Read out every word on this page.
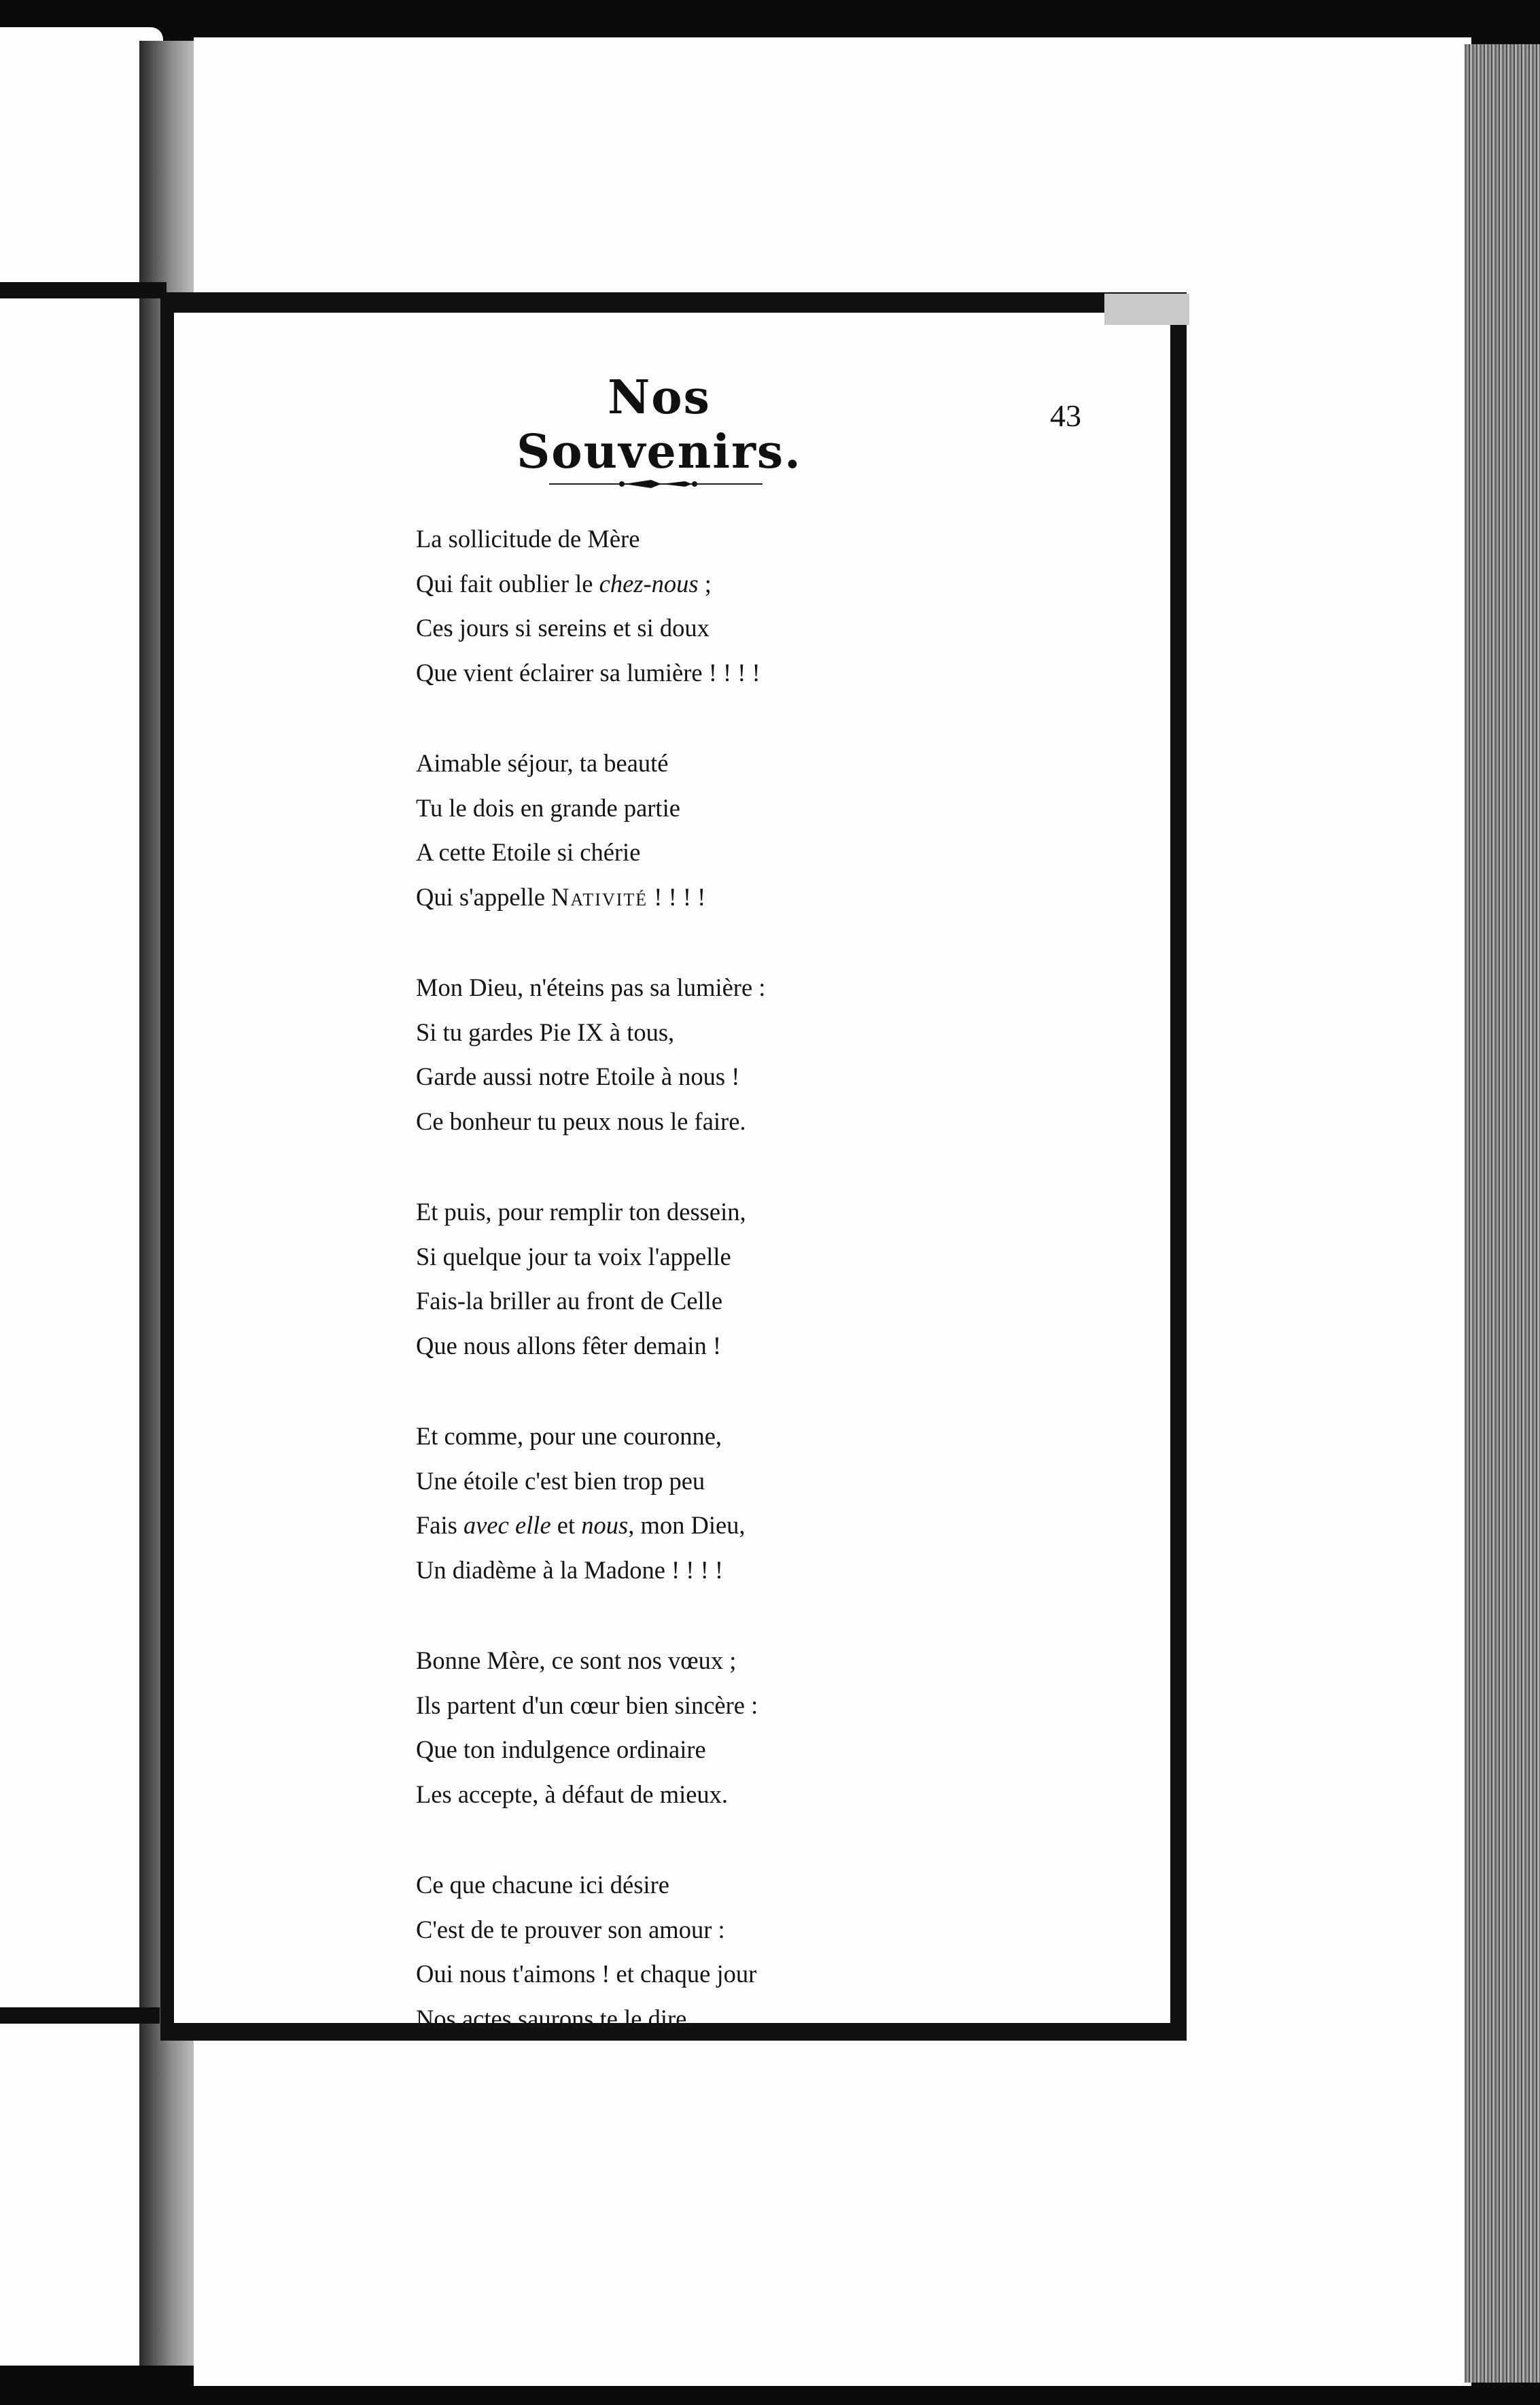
Nos Souvenirs.
43
La sollicitude de Mère
Qui fait oublier le chez-nous ;
Ces jours si sereins et si doux
Que vient éclairer sa lumière ! ! ! !
Aimable séjour, ta beauté
Tu le dois en grande partie
A cette Etoile si chérie
Qui s'appelle Nativité ! ! ! !
Mon Dieu, n'éteins pas sa lumière :
Si tu gardes Pie IX à tous,
Garde aussi notre Etoile à nous !
Ce bonheur tu peux nous le faire.
Et puis, pour remplir ton dessein,
Si quelque jour ta voix l'appelle
Fais-la briller au front de Celle
Que nous allons fêter demain !
Et comme, pour une couronne,
Une étoile c'est bien trop peu
Fais avec elle et nous, mon Dieu,
Un diadème à la Madone ! ! ! !
Bonne Mère, ce sont nos vœux ;
Ils partent d'un cœur bien sincère :
Que ton indulgence ordinaire
Les accepte, à défaut de mieux.
Ce que chacune ici désire
C'est de te prouver son amour :
Oui nous t'aimons ! et chaque jour
Nos actes saurons te le dire.
